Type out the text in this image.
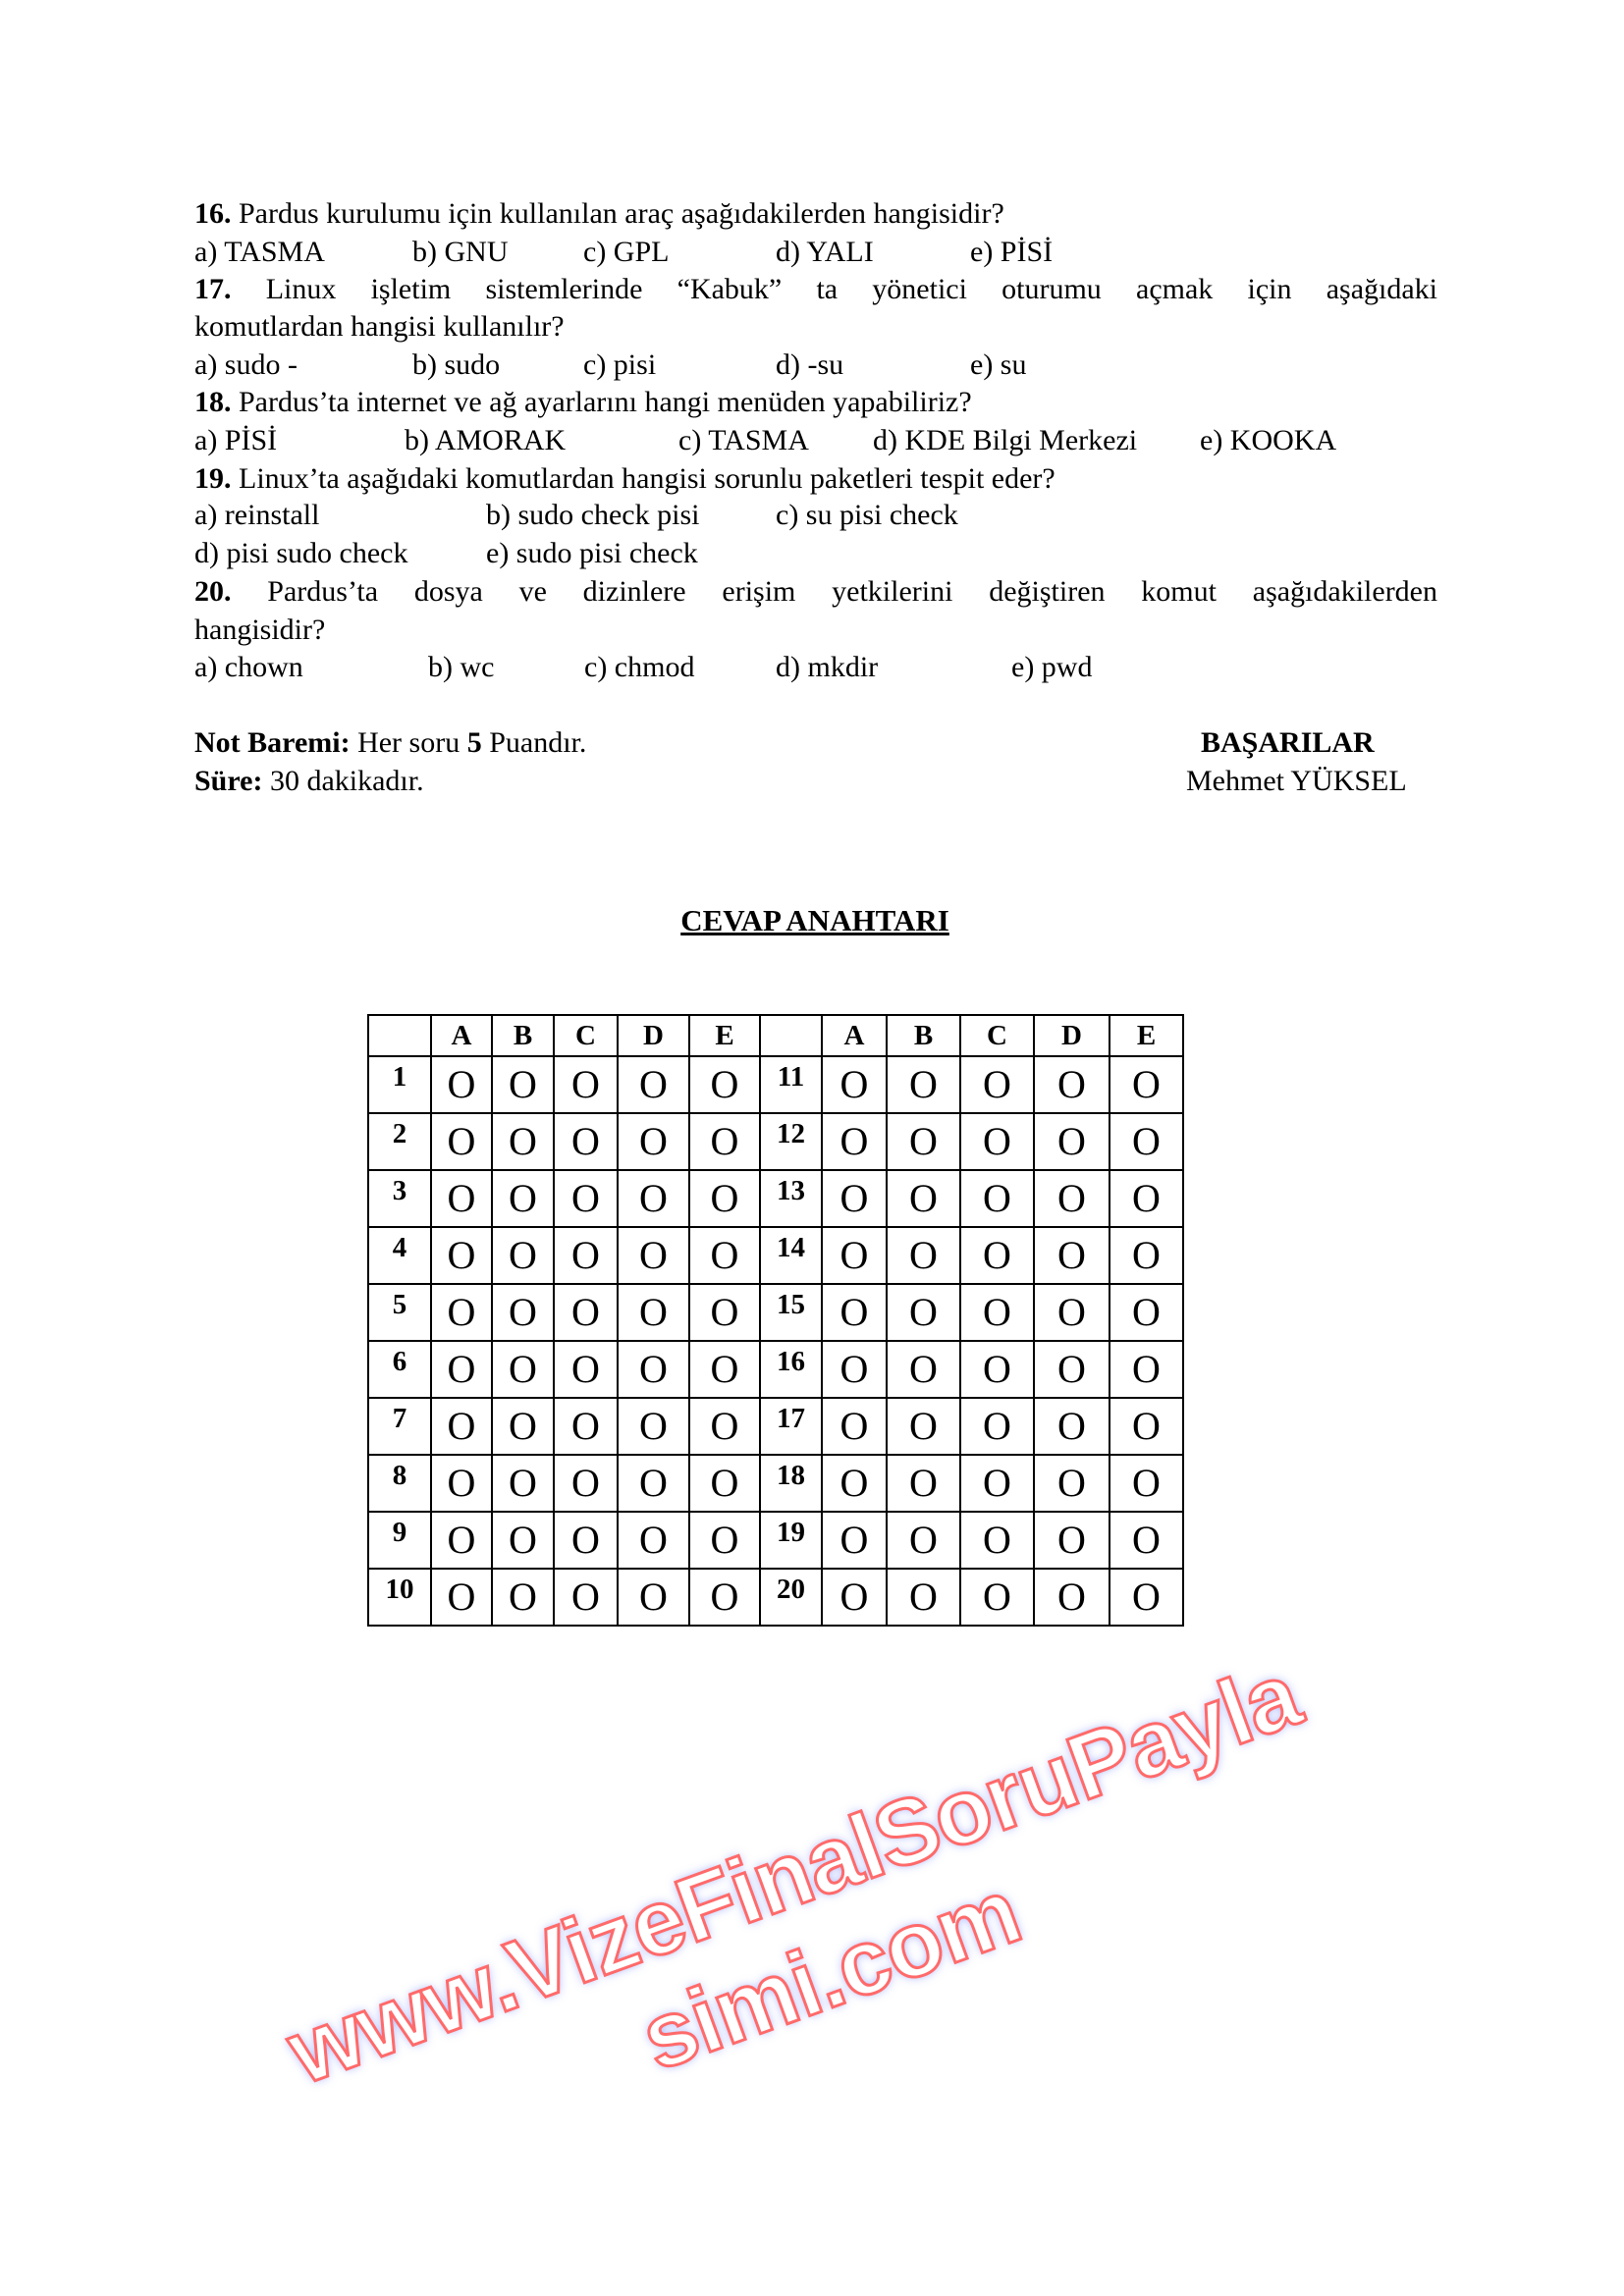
16. Pardus kurulumu için kullanılan araç aşağıdakilerden hangisidir?
a) TASMA	b) GNU	c) GPL	d) YALI	e) PİSİ
17. Linux işletim sistemlerinde “Kabuk” ta yönetici oturumu açmak için aşağıdaki
komutlardan hangisi kullanılır?
a) sudo -	b) sudo	c) pisi	d) -su	e) su
18. Pardus’ta internet ve ağ ayarlarını hangi menüden yapabiliriz?
a) PİSİ	b) AMORAK	c) TASMA d) KDE Bilgi Merkezi e) KOOKA
19. Linux’ta aşağıdaki komutlardan hangisi sorunlu paketleri tespit eder?
a) reinstall	b) sudo check pisi	c) su pisi check
d) pisi sudo check	e) sudo pisi check
20. Pardus’ta dosya ve dizinlere erişim yetkilerini değiştiren komut aşağıdakilerden
hangisidir?
a) chown	b) wc	c) chmod	d) mkdir	e) pwd
Not Baremi: Her soru 5 Puandır.
Süre: 30 dakikadır.
BAŞARILAR
Mehmet YÜKSEL
CEVAP ANAHTARI
	A	B	C	D	E		A	B	C	D	E
1	O	O	O	O	O	11	O	O	O	O	O
2	O	O	O	O	O	12	O	O	O	O	O
3	O	O	O	O	O	13	O	O	O	O	O
4	O	O	O	O	O	14	O	O	O	O	O
5	O	O	O	O	O	15	O	O	O	O	O
6	O	O	O	O	O	16	O	O	O	O	O
7	O	O	O	O	O	17	O	O	O	O	O
8	O	O	O	O	O	18	O	O	O	O	O
9	O	O	O	O	O	19	O	O	O	O	O
10	O	O	O	O	O	20	O	O	O	O	O
www.VizeFinalSoruPaylasimi.com
